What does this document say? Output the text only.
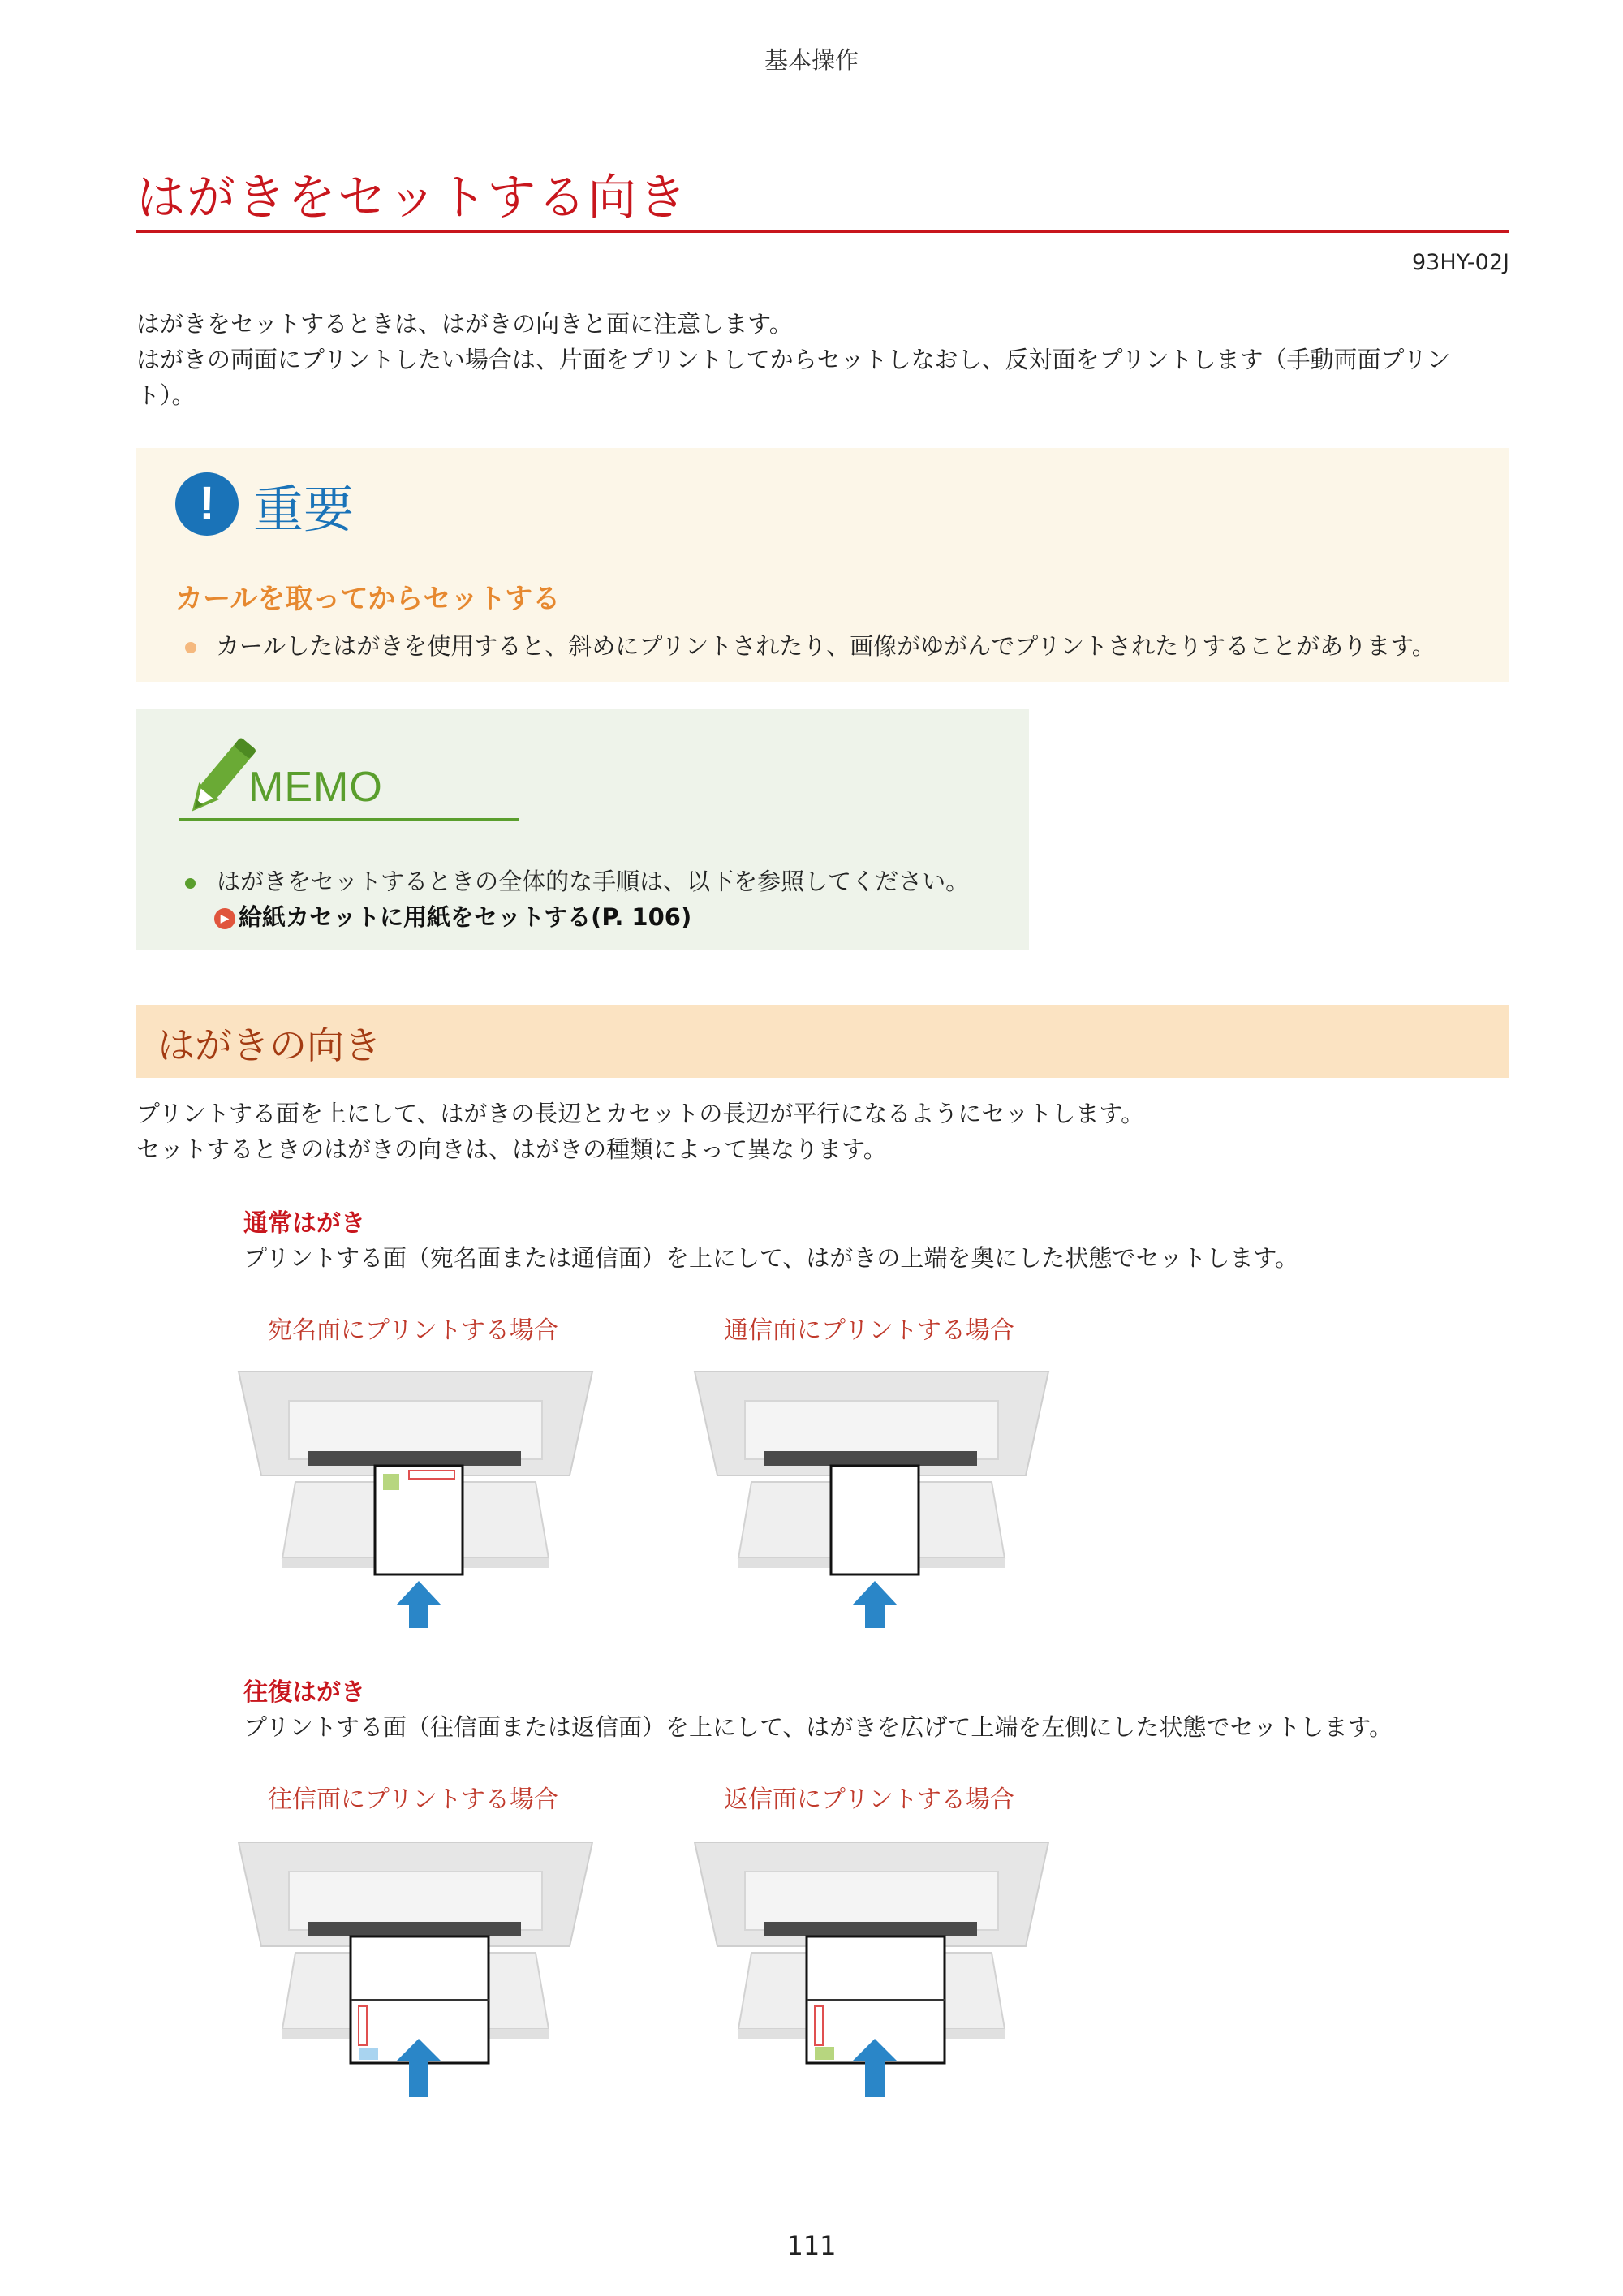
基本操作
はがきをセットする向き
93HY-02J

はがきをセットするときは、はがきの向きと面に注意します。

はがきの両面にプリントしたい場合は、片面をプリントしてからセットしなおし、反対面をプリントします（手動両面プリン

ト）。

! 重要
カールを取ってからセットする
カールしたはがきを使用すると、斜めにプリントされたり、画像がゆがんでプリントされたりすることがあります。
MEMO
はがきをセットするときの全体的な手順は、以下を参照してください。
▶ 給紙カセットに用紙をセットする(P. 106)
はがきの向き

プリントする面を上にして、はがきの長辺とカセットの長辺が平行になるようにセットします。

セットするときのはがきの向きは、はがきの種類によって異なります。

通常はがき
プリントする面（宛名面または通信面）を上にして、はがきの上端を奥にした状態でセットします。
宛名面にプリントする場合	通信面にプリントする場合
往復はがき
プリントする面（往信面または返信面）を上にして、はがきを広げて上端を左側にした状態でセットします。
往信面にプリントする場合	返信面にプリントする場合
111
